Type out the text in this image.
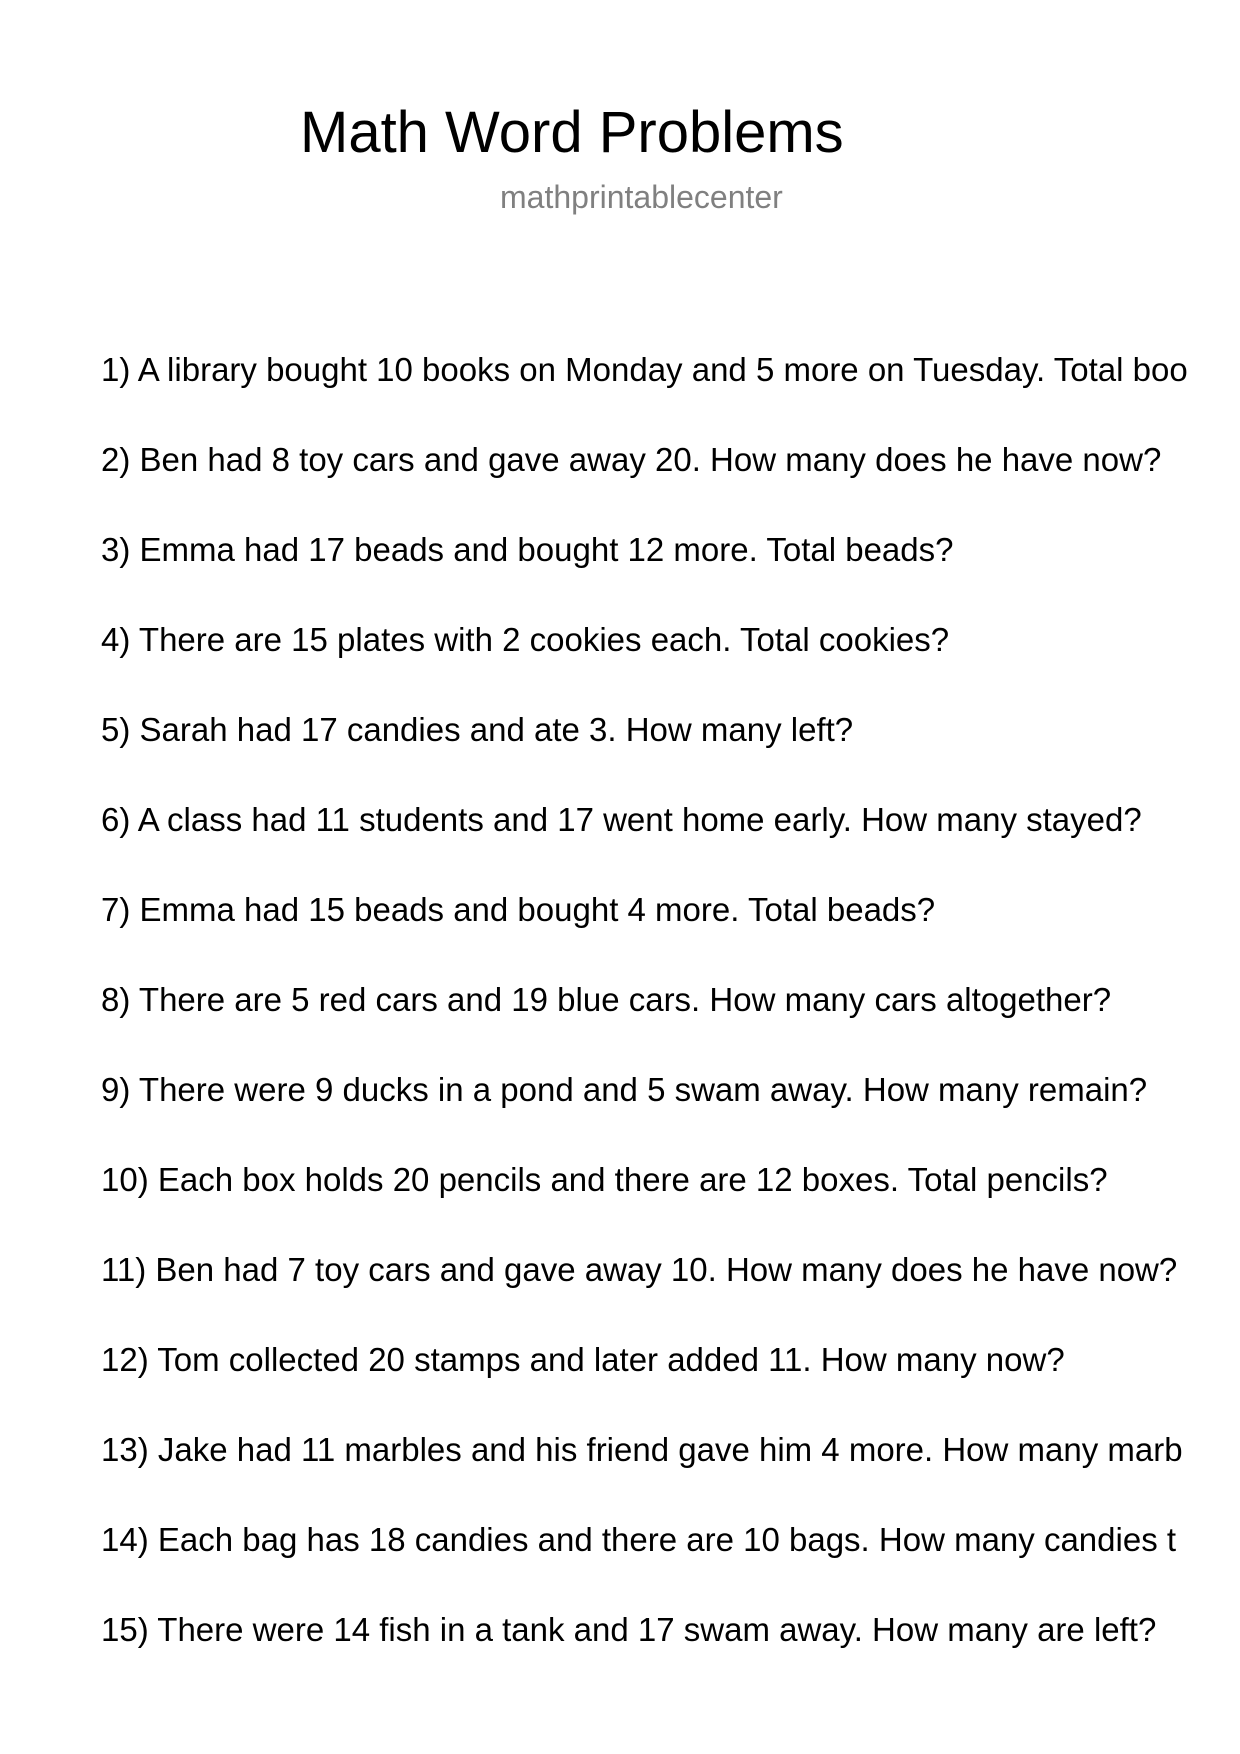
Math Word Problems
mathprintablecenter
1) A library bought 10 books on Monday and 5 more on Tuesday. Total boo
2) Ben had 8 toy cars and gave away 20. How many does he have now?
3) Emma had 17 beads and bought 12 more. Total beads?
4) There are 15 plates with 2 cookies each. Total cookies?
5) Sarah had 17 candies and ate 3. How many left?
6) A class had 11 students and 17 went home early. How many stayed?
7) Emma had 15 beads and bought 4 more. Total beads?
8) There are 5 red cars and 19 blue cars. How many cars altogether?
9) There were 9 ducks in a pond and 5 swam away. How many remain?
10) Each box holds 20 pencils and there are 12 boxes. Total pencils?
11) Ben had 7 toy cars and gave away 10. How many does he have now?
12) Tom collected 20 stamps and later added 11. How many now?
13) Jake had 11 marbles and his friend gave him 4 more. How many marb
14) Each bag has 18 candies and there are 10 bags. How many candies t
15) There were 14 fish in a tank and 17 swam away. How many are left?
